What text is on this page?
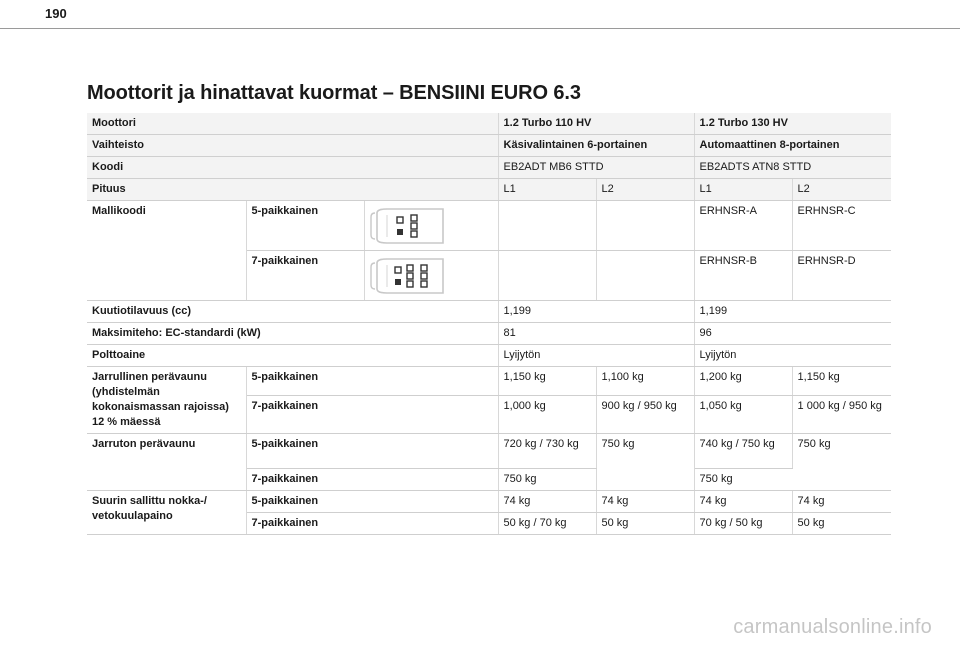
190
Moottorit ja hinattavat kuormat – BENSIINI EURO 6.3
Moottori			1.2 Turbo 110 HV		1.2 Turbo 130 HV	
Vaihteisto			Käsivalintainen 6-portainen		Automaattinen 8-portainen	
Koodi			EB2ADT MB6 STTD		EB2ADTS ATN8 STTD	
Pituus			L1	L2	L1	L2
Mallikoodi	5-paikkainen				ERHNSR-A	ERHNSR-C
	7-paikkainen				ERHNSR-B	ERHNSR-D
Kuutiotilavuus (cc)			1,199		1,199	
Maksimiteho: EC-standardi (kW)			81		96	
Polttoaine			Lyijytön		Lyijytön	
Jarrullinen perävaunu (yhdistelmän kokonaismassan rajoissa) 12 % mäessä	5-paikkainen		1,150 kg	1,100 kg	1,200 kg	1,150 kg
	7-paikkainen		1,000 kg	900 kg / 950 kg	1,050 kg	1 000 kg / 950 kg
Jarruton perävaunu	5-paikkainen		720 kg / 730 kg	750 kg	740 kg / 750 kg	750 kg
	7-paikkainen		750 kg		750 kg	
Suurin sallittu nokka-/ vetokuulapaino	5-paikkainen		74 kg	74 kg	74 kg	74 kg
	7-paikkainen		50 kg / 70 kg	50 kg	70 kg / 50 kg	50 kg
carmanualsonline.info
